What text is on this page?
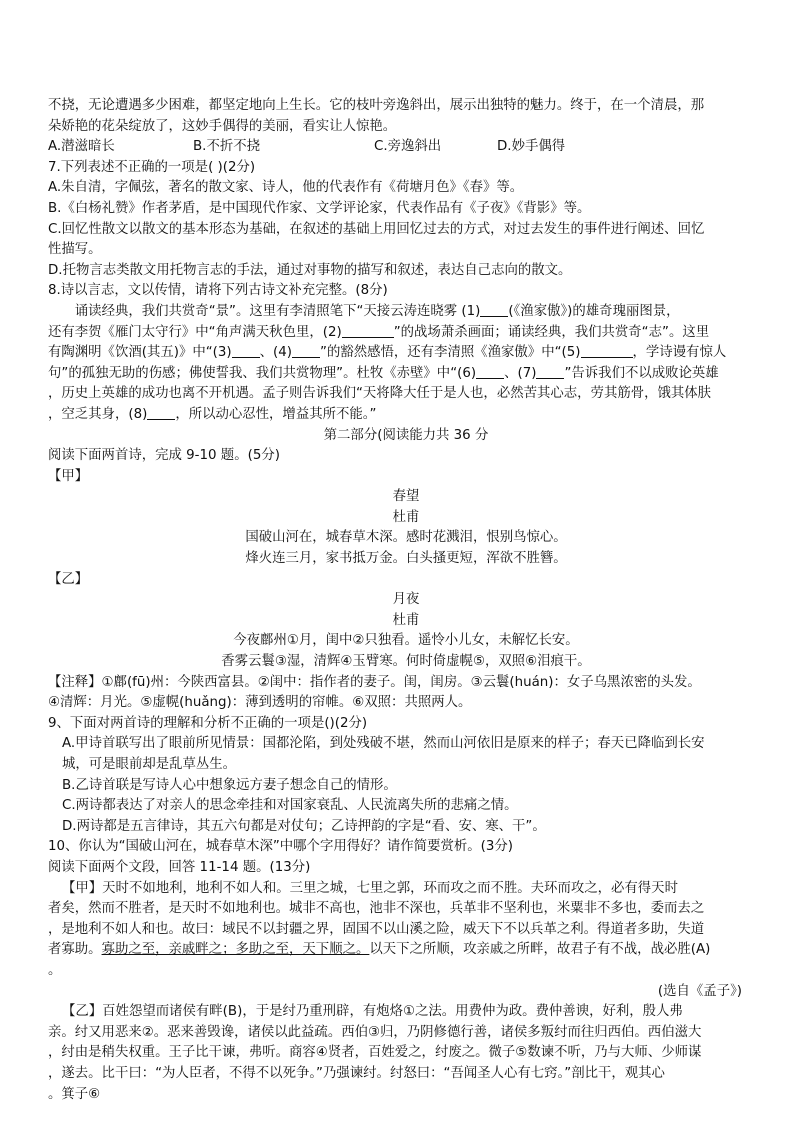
不挠，无论遭遇多少困难，都坚定地向上生长。它的枝叶旁逸斜出，展示出独特的魅力。终于，在一个清晨，那

朵娇艳的花朵绽放了，这妙手偶得的美丽，看实让人惊艳。

A.潜滋暗长	B.不折不挠	C.旁逸斜出	D.妙手偶得

7.下列表述不正确的一项是( )(2分)

A.朱自清，字佩弦，著名的散文家、诗人，他的代表作有《荷塘月色》《春》等。

B.《白杨礼赞》作者茅盾，是中国现代作家、文学评论家，代表作品有《子夜》《背影》等。

C.回忆性散文以散文的基本形态为基础，在叙述的基础上用回忆过去的方式，对过去发生的事件进行阐述、回忆

性描写。

D.托物言志类散文用托物言志的手法，通过对事物的描写和叙述，表达自己志向的散文。

8.诗以言志，文以传情，请将下列古诗文补充完整。(8分)

诵读经典，我们共赏奇“景”。这里有李清照笔下“天接云涛连晓雾 (1) (《渔家傲》)的雄奇瑰丽图景，

还有李贺《雁门太守行》中“角声满天秋色里，(2)	”的战场萧杀画面；诵读经典，我们共赏奇“志”。这里

有陶渊明《饮酒(其五)》中“(3) 、(4) ”的豁然感悟，还有李清照《渔家傲》中“(5)	，学诗谩有惊人

句”的孤独无助的伤感；佛使誓我、我们共赏物理”。杜牧《赤壁》中“(6) 、(7) ”告诉我们不以成败论英雄

，历史上英雄的成功也离不开机遇。孟子则告诉我们“天将降大任于是人也，必然苦其心志，劳其筋骨，饿其体肤

，空乏其身，(8) ，所以动心忍性，增益其所不能。”

第二部分(阅读能力共 36 分

阅读下面两首诗，完成 9-10 题。(5分)

【甲】

春望

杜甫

国破山河在，城春草木深。感时花溅泪，恨别鸟惊心。

烽火连三月，家书抵万金。白头搔更短，浑欲不胜簪。

【乙】

月夜

杜甫

今夜鄜州①月，闺中②只独看。遥怜小儿女，未解忆长安。

香雾云鬟③湿，清辉④玉臂寒。何时倚虚幌⑤，双照⑥泪痕干。

【注释】①鄜(fū)州：今陕西富县。②闺中：指作者的妻子。闺，闺房。③云鬟(huán)：女子乌黑浓密的头发。

④清辉：月光。⑤虚幌(huǎng)：薄到透明的帘帷。⑥双照：共照两人。

9、下面对两首诗的理解和分析不正确的一项是()(2分)

A.甲诗首联写出了眼前所见情景：国都沦陷，到处残破不堪，然而山河依旧是原来的样子；春天已降临到长安

城，可是眼前却是乱草丛生。

B.乙诗首联是写诗人心中想象远方妻子想念自己的情形。

C.两诗都表达了对亲人的思念牵挂和对国家衰乱、人民流离失所的悲痛之情。

D.两诗都是五言律诗，其五六句都是对仗句；乙诗押韵的字是“看、安、寒、干”。

10、你认为“国破山河在，城春草木深”中哪个字用得好？请作简要赏析。(3分)

阅读下面两个文段，回答 11-14 题。(13分)

【甲】天时不如地利，地利不如人和。三里之城，七里之郭，环而攻之而不胜。夫环而攻之，必有得天时

者矣，然而不胜者，是天时不如地利也。城非不高也，池非不深也，兵革非不坚利也，米粟非不多也，委而去之

，是地利不如人和也。故曰：域民不以封疆之界，固国不以山溪之险，威天下不以兵革之利。得道者多助，失道

者寡助。寡助之至，亲戚畔之；多助之至，天下顺之。以天下之所顺，攻亲戚之所畔，故君子有不战，战必胜(A)

。

(选自《孟子》)

【乙】百姓怨望而诸侯有畔(B)，于是纣乃重刑辟，有炮烙①之法。用费仲为政。费仲善谀，好利，殷人弗

亲。纣又用恶来②。恶来善毁谗，诸侯以此益疏。西伯③归，乃阴修德行善，诸侯多叛纣而往归西伯。西伯滋大

，纣由是稍失权重。王子比干谏，弗听。商容④贤者，百姓爱之，纣废之。微子⑤数谏不听，乃与大师、少师谋

，遂去。比干曰：“为人臣者，不得不以死争。”乃强谏纣。纣怒曰：“吾闻圣人心有七窍。”剖比干，观其心

。箕子⑥
